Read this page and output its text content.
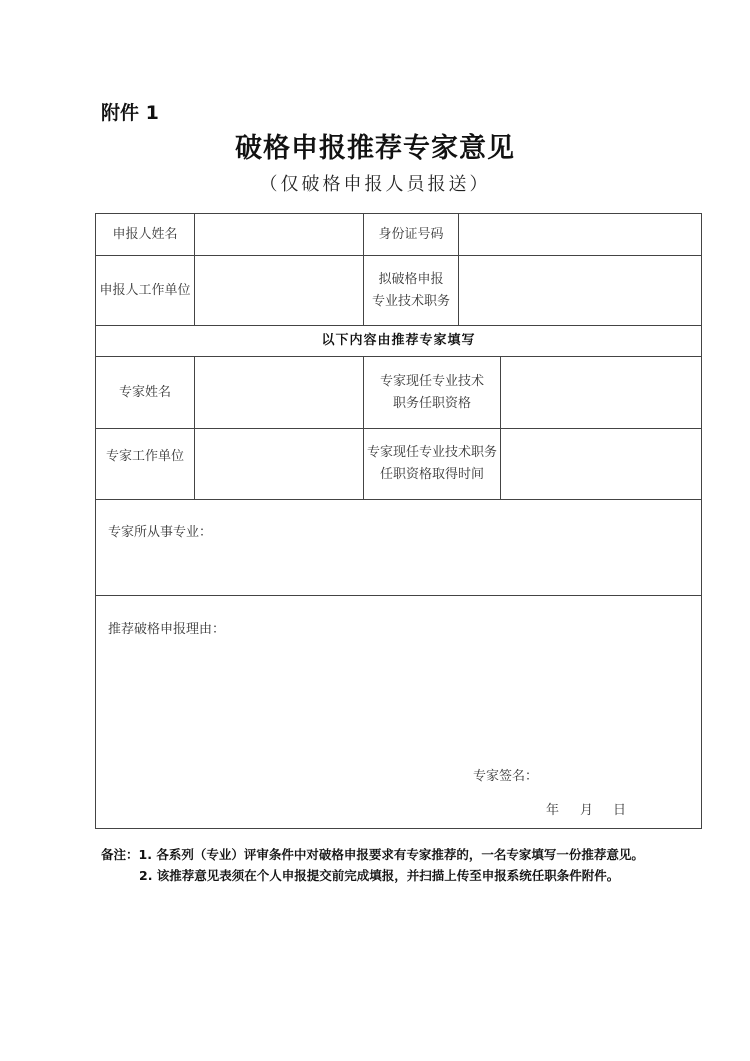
附件 1
破格申报推荐专家意见
（仅破格申报人员报送）
申报人姓名	身份证号码
申报人工作单位
拟破格申报
专业技术职务
以下内容由推荐专家填写
专家姓名
专家现任专业技术
职务任职资格
专家工作单位	专家现任专业技术职务
任职资格取得时间
专家所从事专业：
推荐破格申报理由：
专家签名：
年 月 日
备注：1. 各系列（专业）评审条件中对破格申报要求有专家推荐的，一名专家填写一份推荐意见。
2. 该推荐意见表须在个人申报提交前完成填报，并扫描上传至申报系统任职条件附件。
